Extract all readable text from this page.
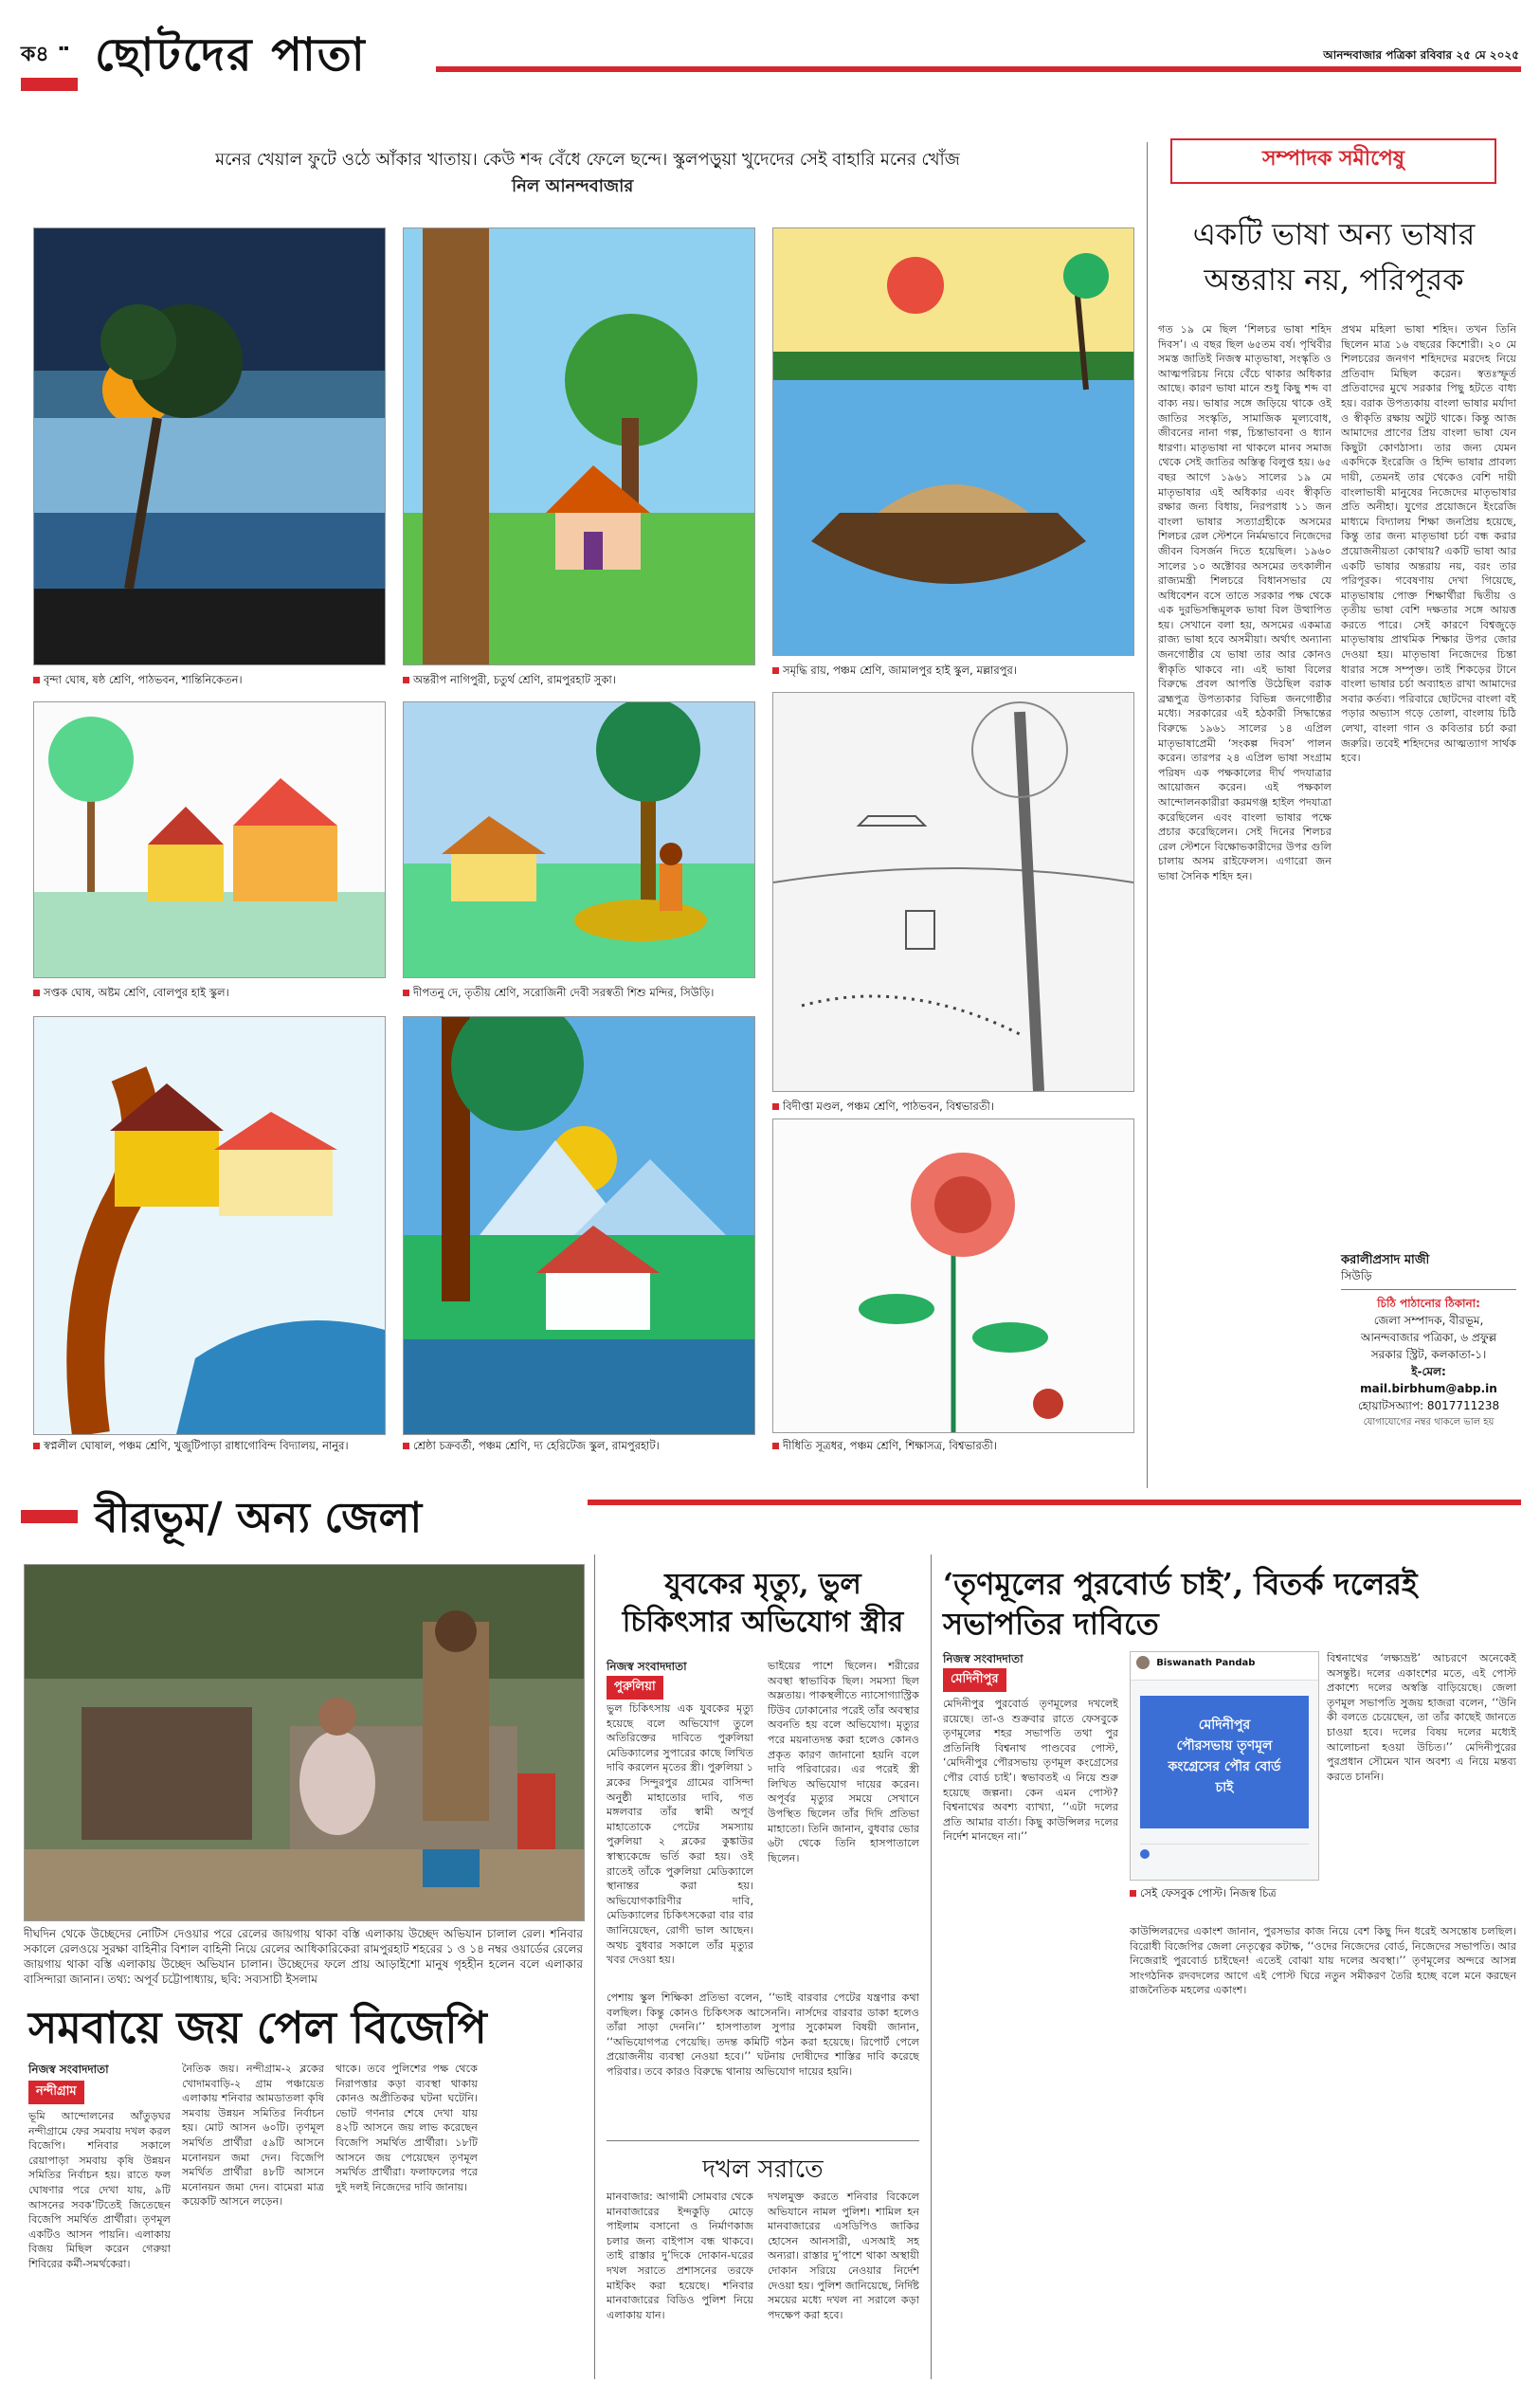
ক৪ ▪▪ ছোটদের পাতা	আনন্দবাজার পত্রিকা রবিবার ২৫ মে ২০২৫
মনের খেয়াল ফুটে ওঠে আঁকার খাতায়। কেউ শব্দ বেঁধে ফেলে ছন্দে। স্কুলপড়ুয়া খুদেদের সেই বাহারি মনের খোঁজ
নিল আনন্দবাজার
বৃন্দা ঘোষ, ষষ্ঠ শ্রেণি, পাঠভবন, শান্তিনিকেতন।	অন্তরীপ নাগিপুরী, চতুর্থ শ্রেণি, রামপুরহাট সুকা।
সমৃদ্ধি রায়, পঞ্চম শ্রেণি, জামালপুর হাই স্কুল, মল্লারপুর।
সপ্তক ঘোষ, অষ্টম শ্রেণি, বোলপুর হাই স্কুল।	দীপতনু দে, তৃতীয় শ্রেণি, সরোজিনী দেবী সরস্বতী শিশু মন্দির, সিউড়ি।
বিদীপ্তা মণ্ডল, পঞ্চম শ্রেণি, পাঠভবন, বিশ্বভারতী।
স্বপ্নলীল ঘোষাল, পঞ্চম শ্রেণি, খুজুটিপাড়া রাধাগোবিন্দ বিদ্যালয়, নানুর।	শ্রেষ্ঠা চক্রবর্তী, পঞ্চম শ্রেণি, দ্য হেরিটেজ স্কুল, রামপুরহাট।	দীধিতি সূত্রধর, পঞ্চম শ্রেণি, শিক্ষাসত্র, বিশ্বভারতী।
সম্পাদক সমীপেষু
একটি ভাষা অন্য ভাষার
অন্তরায় নয়, পরিপূরক
গত ১৯ মে ছিল ‘শিলচর ভাষা শহিদ দিবস’। এ বছর ছিল ৬৫তম বর্ষ। পৃথিবীর সমস্ত জাতিই নিজস্ব মাতৃভাষা, সংস্কৃতি ও আত্মপরিচয় নিয়ে বেঁচে থাকার অধিকার আছে। কারণ ভাষা মানে শুধু কিছু শব্দ বা বাক্য নয়। ভাষার সঙ্গে জড়িয়ে থাকে ওই জাতির সংস্কৃতি, সামাজিক মূল্যবোধ, জীবনের নানা গল্প, চিন্তাভাবনা ও ধ্যান ধারণা। মাতৃভাষা না থাকলে মানব সমাজ থেকে সেই জাতির অস্তিত্ব বিলুপ্ত হয়। ৬৫ বছর আগে ১৯৬১ সালের ১৯ মে মাতৃভাষার এই অধিকার এবং স্বীকৃতি রক্ষার জন্য বিধায়, নিরপরাধ ১১ জন বাংলা ভাষার সত্যাগ্রহীকে অসমের শিলচর রেল স্টেশনে নির্মমভাবে নিজেদের জীবন বিসর্জন দিতে হয়েছিল। ১৯৬০ সালের ১০ অক্টোবর অসমের তৎকালীন রাজ্যমন্ত্রী শিলচরে বিধানসভার যে অধিবেশন বসে তাতে সরকার পক্ষ থেকে এক দুরভিসন্ধিমূলক ভাষা বিল উত্থাপিত হয়। সেখানে বলা হয়, অসমের একমাত্র রাজ্য ভাষা হবে অসমীয়া। অর্থাৎ অন্যান্য জনগোষ্ঠীর যে ভাষা তার আর কোনও স্বীকৃতি থাকবে না। এই ভাষা বিলের বিরুদ্ধে প্রবল আপত্তি উঠেছিল বরাক ব্রহ্মপুত্র উপত্যকার বিভিন্ন জনগোষ্ঠীর মধ্যে। সরকারের এই হঠকারী সিদ্ধান্তের বিরুদ্ধে ১৯৬১ সালের ১৪ এপ্রিল মাতৃভাষাপ্রেমী ‘সংকল্প দিবস’ পালন করেন। তারপর ২৪ এপ্রিল ভাষা সংগ্রাম পরিষদ এক পক্ষকালের দীর্ঘ পদযাত্রার আয়োজন করেন। এই পক্ষকাল আন্দোলনকারীরা করমগঞ্জ হাইল পদযাত্রা করেছিলেন এবং বাংলা ভাষার পক্ষে প্রচার করেছিলেন। সেই দিনের শিলচর রেল স্টেশনে বিক্ষোভকারীদের উপর গুলি চালায় অসম রাইফেলস। এগারো জন ভাষা সৈনিক শহিদ হন।
প্রথম মহিলা ভাষা শহিদ। তখন তিনি ছিলেন মাত্র ১৬ বছরের কিশোরী। ২০ মে শিলচরের জনগণ শহিদদের মরদেহ নিয়ে প্রতিবাদ মিছিল করেন। স্বতঃস্ফূর্ত প্রতিবাদের মুখে সরকার পিছু হটতে বাধ্য হয়। বরাক উপত্যকায় বাংলা ভাষার মর্যাদা ও স্বীকৃতি রক্ষায় অটুট থাকে। কিন্তু আজ আমাদের প্রাণের প্রিয় বাংলা ভাষা যেন কিছুটা কোণঠাসা। তার জন্য যেমন একদিকে ইংরেজি ও হিন্দি ভাষার প্রাবল্য দায়ী, তেমনই তার থেকেও বেশি দায়ী বাংলাভাষী মানুষের নিজেদের মাতৃভাষার প্রতি অনীহা। যুগের প্রয়োজনে ইংরেজি মাধ্যমে বিদ্যালয় শিক্ষা জনপ্রিয় হয়েছে, কিন্তু তার জন্য মাতৃভাষা চর্চা বন্ধ করার প্রয়োজনীয়তা কোথায়? একটি ভাষা আর একটি ভাষার অন্তরায় নয়, বরং তার পরিপূরক। গবেষণায় দেখা গিয়েছে, মাতৃভাষায় পোক্ত শিক্ষার্থীরা দ্বিতীয় ও তৃতীয় ভাষা বেশি দক্ষতার সঙ্গে আয়ত্ত করতে পারে। সেই কারণে বিশ্বজুড়ে মাতৃভাষায় প্রাথমিক শিক্ষার উপর জোর দেওয়া হয়। মাতৃভাষা নিজেদের চিন্তা ধারার সঙ্গে সম্পৃক্ত। তাই শিকড়ের টানে বাংলা ভাষার চর্চা অব্যাহত রাখা আমাদের সবার কর্তব্য। পরিবারে ছোটদের বাংলা বই পড়ার অভ্যাস গড়ে তোলা, বাংলায় চিঠি লেখা, বাংলা গান ও কবিতার চর্চা করা জরুরি। তবেই শহিদদের আত্মত্যাগ সার্থক হবে।
করালীপ্রসাদ মাজী
সিউড়ি
চিঠি পাঠানোর ঠিকানা:
জেলা সম্পাদক, বীরভূম,
আনন্দবাজার পত্রিকা, ৬ প্রফুল্ল
সরকার স্ট্রিট, কলকাতা-১।
ই-মেল: mail.birbhum@abp.in
হোয়াটসঅ্যাপ: 8017711238
যোগাযোগের নম্বর থাকলে ভাল হয়
বীরভূম/ অন্য জেলা
দীঘদিন থেকে উচ্ছেদের নোটিস দেওয়ার পরে রেলের জায়গায় থাকা বস্তি এলাকায় উচ্ছেদ অভিযান চালাল রেল। শনিবার সকালে রেলওয়ে সুরক্ষা বাহিনীর বিশাল বাহিনী নিয়ে রেলের আধিকারিকেরা রামপুরহাট শহরের ১ ও ১৪ নম্বর ওয়ার্ডের রেলের জায়গায় থাকা বস্তি এলাকায় উচ্ছেদ অভিযান চালান। উচ্ছেদের ফলে প্রায় আড়াইশো মানুষ গৃহহীন হলেন বলে এলাকার বাসিন্দারা জানান। তথ্য: অপূর্ব চট্টোপাধ্যায়, ছবি: সব্যসাচী ইসলাম
সমবায়ে জয় পেল বিজেপি
নিজস্ব সংবাদদাতা
নন্দীগ্রাম
ভূমি আন্দোলনের আঁতুড়ঘর নন্দীগ্রামে ফের সমবায় দখল করল বিজেপি। শনিবার সকালে রেয়াপাড়া সমবায় কৃষি উন্নয়ন সমিতির নির্বাচন হয়। রাতে ফল ঘোষণার পরে দেখা যায়, ৯টি আসনের সবক’টিতেই জিতেছেন বিজেপি সমর্থিত প্রার্থীরা। তৃণমূল একটিও আসন পায়নি। এলাকায় বিজয় মিছিল করেন গেরুয়া শিবিরের কর্মী-সমর্থকেরা।
নৈতিক জয়। নন্দীগ্রাম-২ ব্লকের খোদামবাড়ি-২ গ্রাম পঞ্চায়েত এলাকায় শনিবার আমডাতলা কৃষি সমবায় উন্নয়ন সমিতির নির্বাচন হয়। মোট আসন ৬০টি। তৃণমূল সমর্থিত প্রার্থীরা ৫৯টি আসনে মনোনয়ন জমা দেন। বিজেপি সমর্থিত প্রার্থীরা ৪৮টি আসনে মনোনয়ন জমা দেন। বামেরা মাত্র কয়েকটি আসনে লড়েন।
থাকে। তবে পুলিশের পক্ষ থেকে নিরাপত্তার কড়া ব্যবস্থা থাকায় কোনও অপ্রীতিকর ঘটনা ঘটেনি। ভোট গণনার শেষে দেখা যায় ৪২টি আসনে জয় লাভ করেছেন বিজেপি সমর্থিত প্রার্থীরা। ১৮টি আসনে জয় পেয়েছেন তৃণমূল সমর্থিত প্রার্থীরা। ফলাফলের পরে দুই দলই নিজেদের দাবি জানায়।
যুবকের মৃত্যু, ভুল চিকিৎসার অভিযোগ স্ত্রীর
নিজস্ব সংবাদদাতা
পুরুলিয়া
ভুল চিকিৎসায় এক যুবকের মৃত্যু হয়েছে বলে অভিযোগ তুলে অতিরিক্তের দাবিতে পুরুলিয়া মেডিক্যালের সুপারের কাছে লিখিত দাবি করলেন মৃতের স্ত্রী। পুরুলিয়া ১ ব্লকের সিন্দুরপুর গ্রামের বাসিন্দা অনুষ্ঠী মাহাতোর দাবি, গত মঙ্গলবার তাঁর স্বামী অপূর্ব মাহাতোকে পেটের সমস্যায় পুরুলিয়া ২ ব্লকের কুঙ্কাউর স্বাস্থ্যকেন্দ্রে ভর্তি করা হয়। ওই রাতেই তাঁকে পুরুলিয়া মেডিক্যালে স্থানান্তর করা হয়। অভিযোগকারিণীর দাবি, মেডিক্যালের চিকিৎসকেরা বার বার জানিয়েছেন, রোগী ভাল আছেন। অথচ বুধবার সকালে তাঁর মৃত্যুর খবর দেওয়া হয়।
ভাইয়ের পাশে ছিলেন। শরীরের অবস্থা স্বাভাবিক ছিল। সমস্যা ছিল অম্লতায়। পাকস্থলীতে ন্যাসোগ্যাস্ট্রিক টিউব ঢোকানোর পরেই তাঁর অবস্থার অবনতি হয় বলে অভিযোগ। মৃত্যুর পরে ময়নাতদন্ত করা হলেও কোনও প্রকৃত কারণ জানানো হয়নি বলে দাবি পরিবারের। এর পরেই স্ত্রী লিখিত অভিযোগ দায়ের করেন। অপূর্বর মৃত্যুর সময়ে সেখানে উপস্থিত ছিলেন তাঁর দিদি প্রতিভা মাহাতো। তিনি জানান, বুধবার ভোর ৬টা থেকে তিনি হাসপাতালে ছিলেন।
পেশায় স্কুল শিক্ষিকা প্রতিভা বলেন, ‘‘ভাই বারবার পেটের যন্ত্রণার কথা বলছিল। কিন্তু কোনও চিকিৎসক আসেননি। নার্সদের বারবার ডাকা হলেও তাঁরা সাড়া দেননি।’’ হাসপাতাল সুপার সুকোমল বিষয়ী জানান, ‘‘অভিযোগপত্র পেয়েছি। তদন্ত কমিটি গঠন করা হয়েছে। রিপোর্ট পেলে প্রয়োজনীয় ব্যবস্থা নেওয়া হবে।’’ ঘটনায় দোষীদের শাস্তির দাবি করেছে পরিবার। তবে কারও বিরুদ্ধে থানায় অভিযোগ দায়ের হয়নি।
দখল সরাতে
মানবাজার: আগামী সোমবার থেকে মানবাজারের ইন্দকুড়ি মোড়ে পাইলাম বসানো ও নির্মাণকাজ চলার জন্য বাইপাস বন্ধ থাকবে। তাই রাস্তার দু’দিকে দোকান-ঘরের দখল সরাতে প্রশাসনের তরফে মাইকিং করা হয়েছে। শনিবার মানবাজারের বিডিও পুলিশ নিয়ে এলাকায় যান।
দখলমুক্ত করতে শনিবার বিকেলে অভিযানে নামল পুলিশ। শামিল হন মানবাজারের এসডিপিও জাকির হোসেন আনসারী, এসআই সহ অন্যরা। রাস্তার দু’পাশে থাকা অস্থায়ী দোকান সরিয়ে নেওয়ার নির্দেশ দেওয়া হয়। পুলিশ জানিয়েছে, নির্দিষ্ট সময়ের মধ্যে দখল না সরালে কড়া পদক্ষেপ করা হবে।
‘তৃণমূলের পুরবোর্ড চাই’, বিতর্ক দলেরই সভাপতির দাবিতে
নিজস্ব সংবাদদাতা
মেদিনীপুর
মেদিনীপুর পুরবোর্ড তৃণমূলের দখলেই রয়েছে। তা-ও শুক্রবার রাতে ফেসবুকে তৃণমূলের শহর সভাপতি তথা পুর প্রতিনিধি বিশ্বনাথ পাণ্ডবের পোস্ট, ‘মেদিনীপুর পৌরসভায় তৃণমূল কংগ্রেসের পৌর বোর্ড চাই’। স্বভাবতই এ নিয়ে শুরু হয়েছে জল্পনা। কেন এমন পোস্ট? বিশ্বনাথের অবশ্য ব্যাখ্যা, ‘‘এটা দলের প্রতি আমার বার্তা। কিছু কাউন্সিলর দলের নির্দেশ মানছেন না।’’
Biswanath Pandab
মেদিনীপুর
পৌরসভায় তৃণমূল
কংগ্রেসের পৌর বোর্ড
চাই
সেই ফেসবুক পোস্ট। নিজস্ব চিত্র
বিশ্বনাথের ‘লক্ষ্যভ্রষ্ট’ আচরণে অনেকেই অসন্তুষ্ট। দলের একাংশের মতে, এই পোস্ট প্রকাশ্যে দলের অস্বস্তি বাড়িয়েছে। জেলা তৃণমূল সভাপতি সুজয় হাজরা বলেন, ‘‘উনি কী বলতে চেয়েছেন, তা তাঁর কাছেই জানতে চাওয়া হবে। দলের বিষয় দলের মধ্যেই আলোচনা হওয়া উচিত।’’ মেদিনীপুরের পুরপ্রধান সৌমেন খান অবশ্য এ নিয়ে মন্তব্য করতে চাননি।
কাউন্সিলরদের একাংশ জানান, পুরসভার কাজ নিয়ে বেশ কিছু দিন ধরেই অসন্তোষ চলছিল। বিরোধী বিজেপির জেলা নেতৃত্বের কটাক্ষ, ‘‘ওদের নিজেদের বোর্ড, নিজেদের সভাপতি। আর নিজেরাই পুরবোর্ড চাইছেন! এতেই বোঝা যায় দলের অবস্থা।’’ তৃণমূলের অন্দরে আসন্ন সাংগঠনিক রদবদলের আগে এই পোস্ট ঘিরে নতুন সমীকরণ তৈরি হচ্ছে বলে মনে করছেন রাজনৈতিক মহলের একাংশ।
